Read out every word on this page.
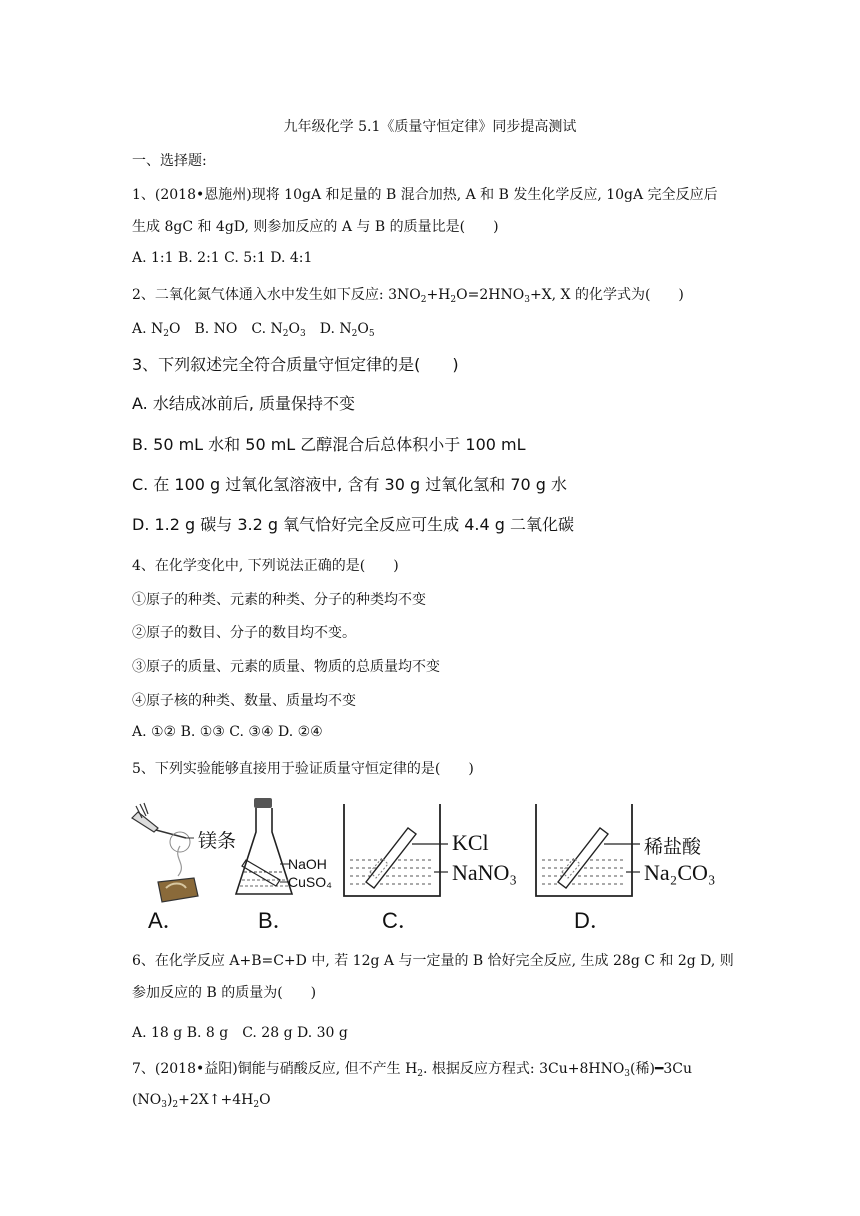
九年级化学 5.1《质量守恒定律》同步提高测试
一、选择题:
1、(2018•恩施州)现将 10gA 和足量的 B 混合加热, A 和 B 发生化学反应, 10gA 完全反应后
生成 8gC 和 4gD, 则参加反应的 A 与 B 的质量比是(　　)
A. 1:1 B. 2:1 C. 5:1 D. 4:1
2、二氧化氮气体通入水中发生如下反应: $3NO_2+H_2O=2HNO_3+X$, X 的化学式为(　　)
A. $N_2O$　B. NO　C. $N_2O_3$　D. $N_2O_5$
3、下列叙述完全符合质量守恒定律的是(　　)
A. 水结成冰前后, 质量保持不变
B. 50 mL 水和 50 mL 乙醇混合后总体积小于 100 mL
C. 在 100 g 过氧化氢溶液中, 含有 30 g 过氧化氢和 70 g 水
D. 1.2 g 碳与 3.2 g 氧气恰好完全反应可生成 4.4 g 二氧化碳
4、在化学变化中, 下列说法正确的是(　　)
①原子的种类、元素的种类、分子的种类均不变
②原子的数目、分子的数目均不变。
③原子的质量、元素的质量、物质的总质量均不变
④原子核的种类、数量、质量均不变
A. ①② B. ①③ C. ③④ D. ②④
5、下列实验能够直接用于验证质量守恒定律的是(　　)
镁条
A．
NaOH
CuSO₄
B．
KCl
NaNO₃
C．
稀盐酸
Na₂CO₃
D．
6、在化学反应 A+B=C+D 中, 若 12g A 与一定量的 B 恰好完全反应, 生成 28g C 和 2g D, 则
参加反应的 B 的质量为(　　)
A. 18 g B. 8 g　C. 28 g D. 30 g
7、(2018•益阳)铜能与硝酸反应, 但不产生 $H_2$. 根据反应方程式: $3Cu+8HNO_3$(稀)━3Cu
$(NO_3)_2+2X↑+4H_2O$
